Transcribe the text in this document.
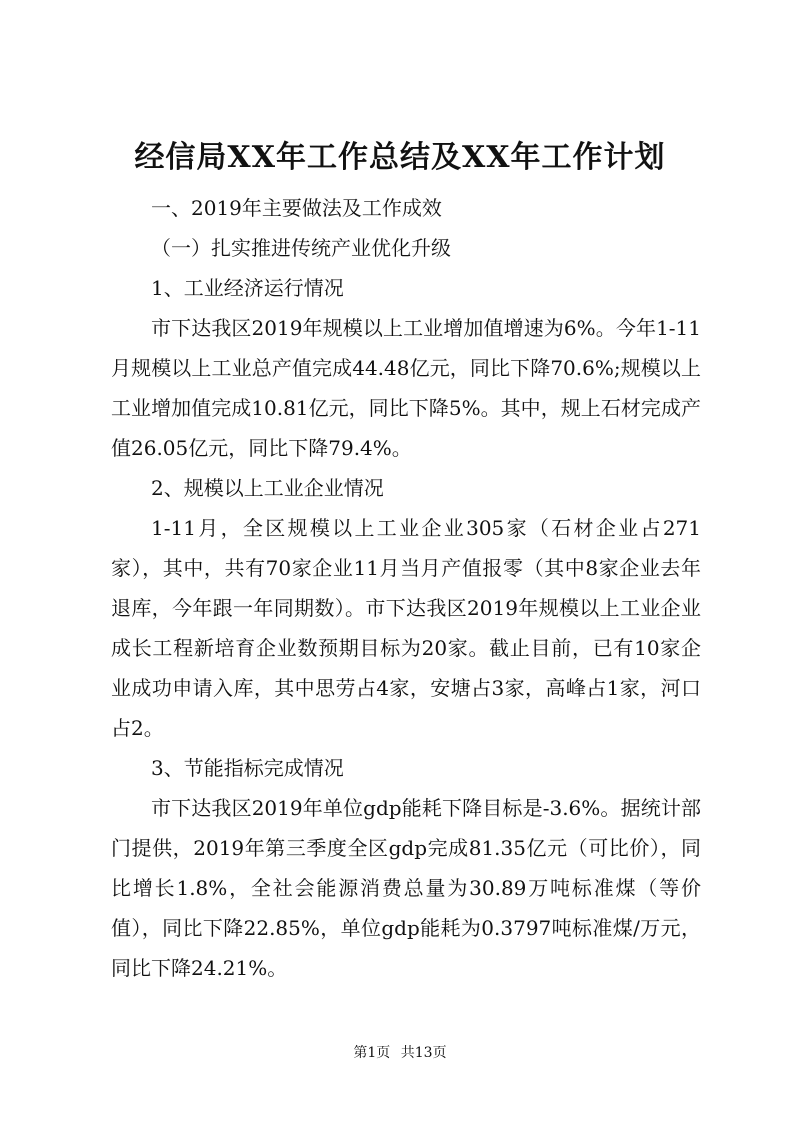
经信局XX年工作总结及XX年工作计划

一、2019年主要做法及工作成效

（一）扎实推进传统产业优化升级

1、工业经济运行情况

市下达我区2019年规模以上工业增加值增速为6%。今年1-11月规模以上工业总产值完成44.48亿元，同比下降70.6%;规模以上工业增加值完成10.81亿元，同比下降5%。其中，规上石材完成产值26.05亿元，同比下降79.4%。

2、规模以上工业企业情况

1-11月，全区规模以上工业企业305家（石材企业占271家），其中，共有70家企业11月当月产值报零（其中8家企业去年退库，今年跟一年同期数）。市下达我区2019年规模以上工业企业成长工程新培育企业数预期目标为20家。截止目前，已有10家企业成功申请入库，其中思劳占4家，安塘占3家，高峰占1家，河口占2。

3、节能指标完成情况

市下达我区2019年单位gdp能耗下降目标是-3.6%。据统计部门提供，2019年第三季度全区gdp完成81.35亿元（可比价），同比增长1.8%，全社会能源消费总量为30.89万吨标准煤（等价值），同比下降22.85%，单位gdp能耗为0.3797吨标准煤/万元，同比下降24.21%。

第1页 共13页
